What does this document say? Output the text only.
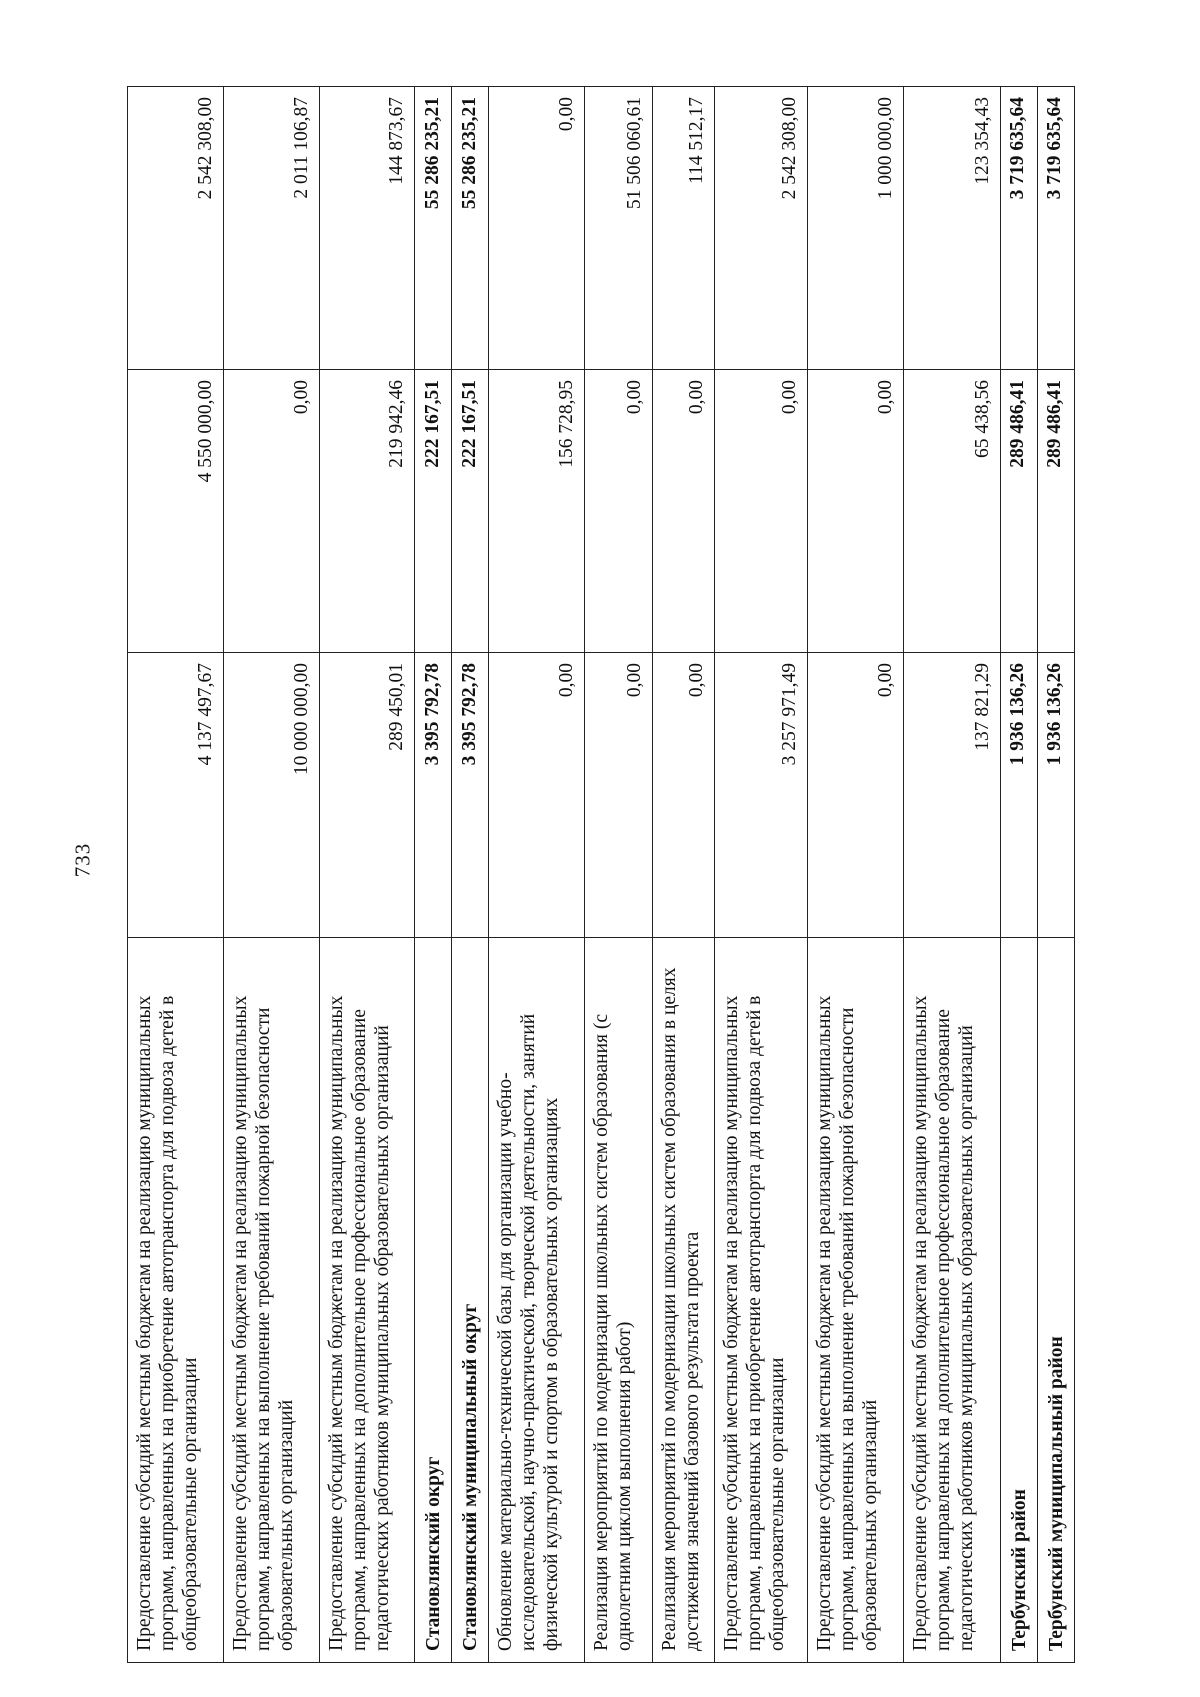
733
Предоставление субсидий местным бюджетам на реализацию муниципальных программ, направленных на приобретение автотранспорта для подвоза детей в общеобразовательные организации	4 137 497,67	4 550 000,00	2 542 308,00
Предоставление субсидий местным бюджетам на реализацию муниципальных программ, направленных на выполнение требований пожарной безопасности образовательных организаций	10 000 000,00	0,00	2 011 106,87
Предоставление субсидий местным бюджетам на реализацию муниципальных программ, направленных на дополнительное профессиональное образование педагогических работников муниципальных образовательных организаций	289 450,01	219 942,46	144 873,67
Становлянский округ	3 395 792,78	222 167,51	55 286 235,21
Становлянский муниципальный округ	3 395 792,78	222 167,51	55 286 235,21
Обновление материально-технической базы для организации учебно-исследовательской, научно-практической, творческой деятельности, занятий физической культурой и спортом в образовательных организациях	0,00	156 728,95	0,00
Реализация мероприятий по модернизации школьных систем образования (с однолетним циклом выполнения работ)	0,00	0,00	51 506 060,61
Реализация мероприятий по модернизации школьных систем образования в целях достижения значений базового результата проекта	0,00	0,00	114 512,17
Предоставление субсидий местным бюджетам на реализацию муниципальных программ, направленных на приобретение автотранспорта для подвоза детей в общеобразовательные организации	3 257 971,49	0,00	2 542 308,00
Предоставление субсидий местным бюджетам на реализацию муниципальных программ, направленных на выполнение требований пожарной безопасности образовательных организаций	0,00	0,00	1 000 000,00
Предоставление субсидий местным бюджетам на реализацию муниципальных программ, направленных на дополнительное профессиональное образование педагогических работников муниципальных образовательных организаций	137 821,29	65 438,56	123 354,43
Тербунский район	1 936 136,26	289 486,41	3 719 635,64
Тербунский муниципальный район	1 936 136,26	289 486,41	3 719 635,64
